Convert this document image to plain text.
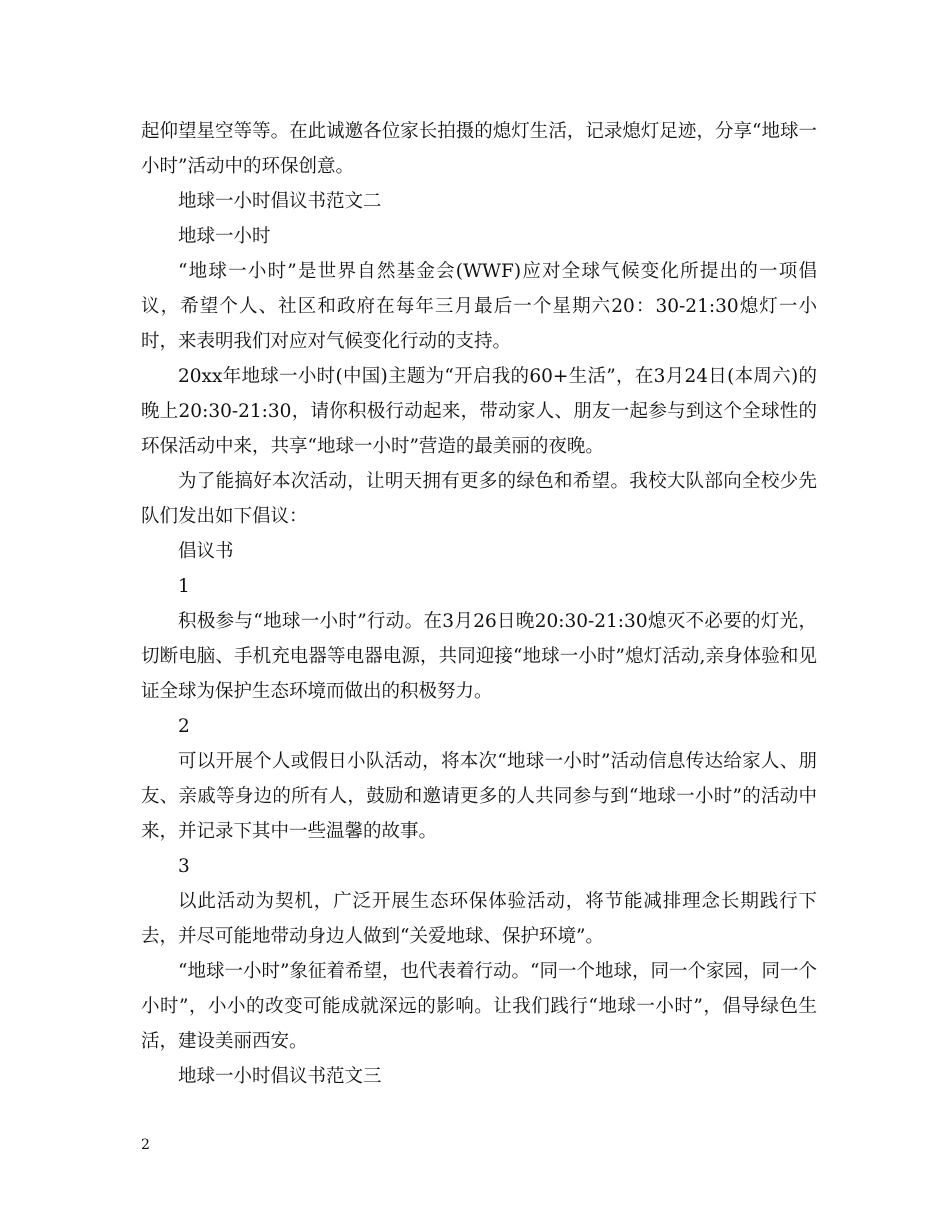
起仰望星空等等。在此诚邀各位家长拍摄的熄灯生活，记录熄灯足迹，分享“地球一小时”活动中的环保创意。

地球一小时倡议书范文二

地球一小时

“地球一小时”是世界自然基金会(WWF)应对全球气候变化所提出的一项倡议，希望个人、社区和政府在每年三月最后一个星期六20：30-21:30熄灯一小时，来表明我们对应对气候变化行动的支持。

20xx年地球一小时(中国)主题为“开启我的60+生活”，在3月24日(本周六)的晚上20:30-21:30，请你积极行动起来，带动家人、朋友一起参与到这个全球性的环保活动中来，共享“地球一小时”营造的最美丽的夜晚。

为了能搞好本次活动，让明天拥有更多的绿色和希望。我校大队部向全校少先队们发出如下倡议：

倡议书

1

积极参与“地球一小时”行动。在3月26日晚20:30-21:30熄灭不必要的灯光，切断电脑、手机充电器等电器电源，共同迎接“地球一小时”熄灯活动,亲身体验和见证全球为保护生态环境而做出的积极努力。

2

可以开展个人或假日小队活动，将本次“地球一小时”活动信息传达给家人、朋友、亲戚等身边的所有人，鼓励和邀请更多的人共同参与到“地球一小时”的活动中来，并记录下其中一些温馨的故事。

3

以此活动为契机，广泛开展生态环保体验活动，将节能减排理念长期践行下去，并尽可能地带动身边人做到“关爱地球、保护环境”。

“地球一小时”象征着希望，也代表着行动。“同一个地球，同一个家园，同一个小时”，小小的改变可能成就深远的影响。让我们践行“地球一小时”，倡导绿色生活，建设美丽西安。

地球一小时倡议书范文三

2
